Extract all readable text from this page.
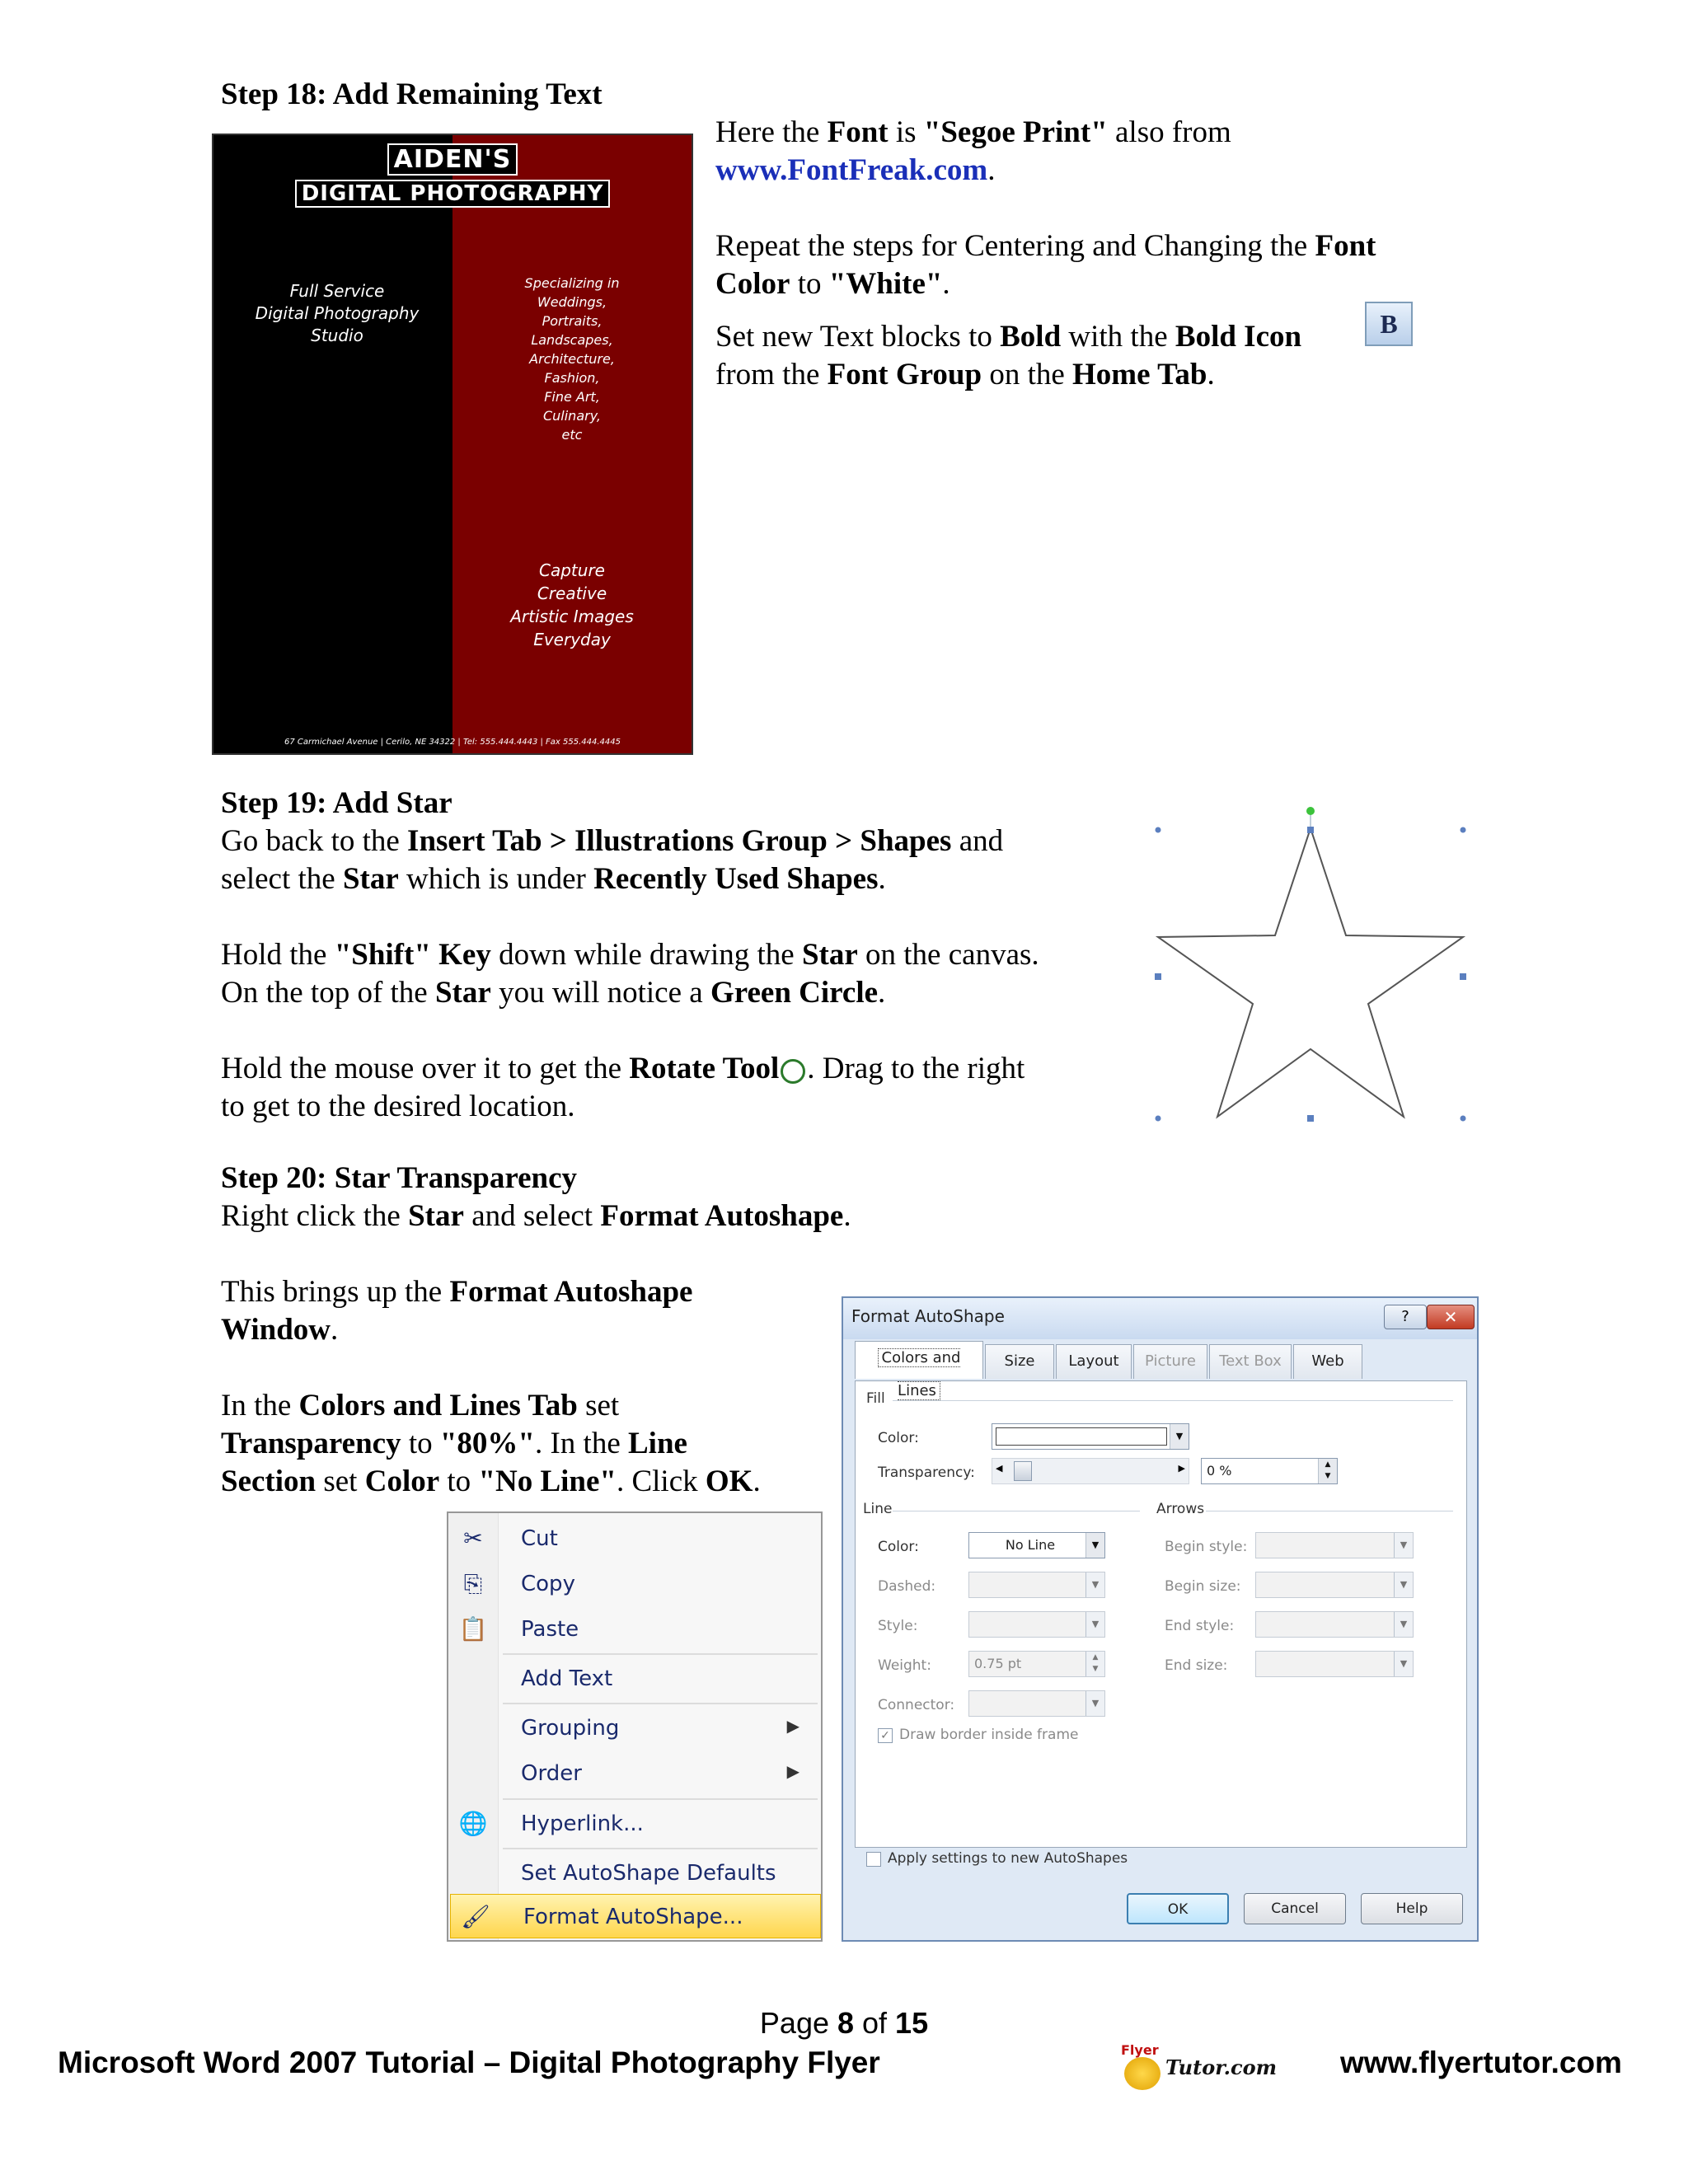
Step 18: Add Remaining Text
AIDEN'S
DIGITAL PHOTOGRAPHY
Full Service
Digital Photography
Studio
Specializing in
Weddings,
Portraits,
Landscapes,
Architecture,
Fashion,
Fine Art,
Culinary,
etc
Capture
Creative
Artistic Images
Everyday
67 Carmichael Avenue | Cerilo, NE 34322 | Tel: 555.444.4443 | Fax 555.444.4445
Here the Font is "Segoe Print" also from
www.FontFreak.com.
Repeat the steps for Centering and Changing the Font
Color to "White".
Set new Text blocks to Bold with the Bold Icon
from the Font Group on the Home Tab.
B
Step 19: Add Star
Go back to the Insert Tab > Illustrations Group > Shapes and
select the Star which is under Recently Used Shapes.
Hold the "Shift" Key down while drawing the Star on the canvas.
On the top of the Star you will notice a Green Circle.
Hold the mouse over it to get the Rotate Tool . Drag to the right
to get to the desired location.
Step 20: Star Transparency
Right click the Star and select Format Autoshape.
This brings up the Format Autoshape
Window.
In the Colors and Lines Tab set
Transparency to "80%". In the Line
Section set Color to "No Line". Click OK.
✂ Cut
⎘ Copy
📋 Paste
Add Text
Grouping	▶
Order	▶
🌐 Hyperlink...
Set AutoShape Defaults
🖌 Format AutoShape...
Format AutoShape	?	✕
Colors and Lines
Size	Layout	Picture	Text Box	Web
Fill
Color:	▼
Transparency: ◀	▶	0 %	▲
▼
Line	Arrows
Color:	No Line	▼
Dashed:	▼
Style:	▼
Weight:	0.75 pt	▲
▼
Connector:	▼
✓ Draw border inside frame
Begin style:	▼
Begin size:	▼
End style:	▼
End size:	▼
Apply settings to new AutoShapes
OK	Cancel	Help
Page 8 of 15
Microsoft Word 2007 Tutorial – Digital Photography Flyer	Flyer
Tutor.com www.flyertutor.com
